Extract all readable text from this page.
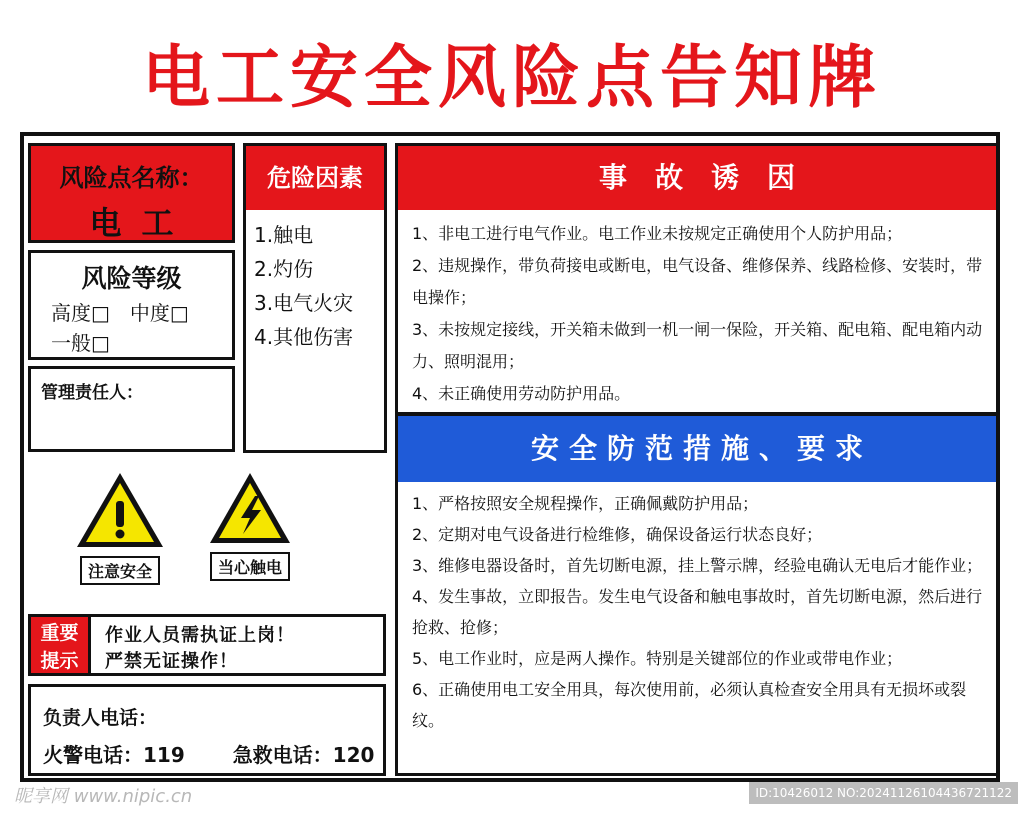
电工安全风险点告知牌
风险点名称：
电工
风险等级
高度□　中度□
一般□
管理责任人：
危险因素
1.触电
2.灼伤
3.电气火灾
4.其他伤害
注意安全	当心触电
重要
提示
作业人员需执证上岗！
严禁无证操作！
负责人电话：
火警电话：119 急救电话：120
事故诱因
1、非电工进行电气作业。电工作业未按规定正确使用个人防护用品；
2、违规操作，带负荷接电或断电，电气设备、维修保养、线路检修、安装时，带电操作；
3、未按规定接线，开关箱未做到一机一闸一保险，开关箱、配电箱、配电箱内动力、照明混用；
4、未正确使用劳动防护用品。
安全防范措施、要求
1、严格按照安全规程操作，正确佩戴防护用品；
2、定期对电气设备进行检维修，确保设备运行状态良好；
3、维修电器设备时，首先切断电源，挂上警示牌，经验电确认无电后才能作业；
4、发生事故，立即报告。发生电气设备和触电事故时，首先切断电源，然后进行抢救、抢修；
5、电工作业时，应是两人操作。特别是关键部位的作业或带电作业；
6、正确使用电工安全用具，每次使用前，必须认真检查安全用具有无损坏或裂纹。
昵享网 www.nipic.cn	ID:10426012 NO:20241126104436721122
